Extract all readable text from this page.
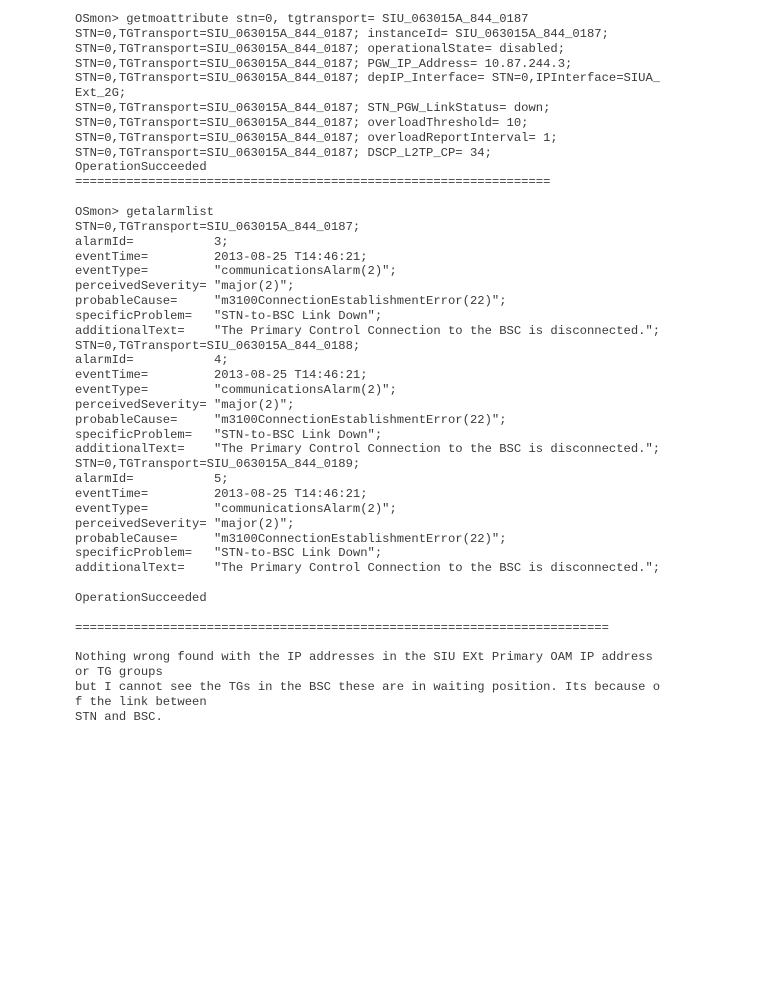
OSmon> getmoattribute stn=0, tgtransport= SIU_063015A_844_0187
STN=0,TGTransport=SIU_063015A_844_0187; instanceId= SIU_063015A_844_0187;
STN=0,TGTransport=SIU_063015A_844_0187; operationalState= disabled;
STN=0,TGTransport=SIU_063015A_844_0187; PGW_IP_Address= 10.87.244.3;
STN=0,TGTransport=SIU_063015A_844_0187; depIP_Interface= STN=0,IPInterface=SIUA_
Ext_2G;
STN=0,TGTransport=SIU_063015A_844_0187; STN_PGW_LinkStatus= down;
STN=0,TGTransport=SIU_063015A_844_0187; overloadThreshold= 10;
STN=0,TGTransport=SIU_063015A_844_0187; overloadReportInterval= 1;
STN=0,TGTransport=SIU_063015A_844_0187; DSCP_L2TP_CP= 34;
OperationSucceeded
=================================================================
OSmon> getalarmlist
STN=0,TGTransport=SIU_063015A_844_0187;
alarmId=           3;
eventTime=         2013-08-25 T14:46:21;
eventType=         "communicationsAlarm(2)";
perceivedSeverity= "major(2)";
probableCause=     "m3100ConnectionEstablishmentError(22)";
specificProblem=   "STN-to-BSC Link Down";
additionalText=    "The Primary Control Connection to the BSC is disconnected.";
STN=0,TGTransport=SIU_063015A_844_0188;
alarmId=           4;
eventTime=         2013-08-25 T14:46:21;
eventType=         "communicationsAlarm(2)";
perceivedSeverity= "major(2)";
probableCause=     "m3100ConnectionEstablishmentError(22)";
specificProblem=   "STN-to-BSC Link Down";
additionalText=    "The Primary Control Connection to the BSC is disconnected.";
STN=0,TGTransport=SIU_063015A_844_0189;
alarmId=           5;
eventTime=         2013-08-25 T14:46:21;
eventType=         "communicationsAlarm(2)";
perceivedSeverity= "major(2)";
probableCause=     "m3100ConnectionEstablishmentError(22)";
specificProblem=   "STN-to-BSC Link Down";
additionalText=    "The Primary Control Connection to the BSC is disconnected.";
OperationSucceeded
=========================================================================
Nothing wrong found with the IP addresses in the SIU EXt Primary OAM IP address
or TG groups
but I cannot see the TGs in the BSC these are in waiting position. Its because o
f the link between
STN and BSC.
